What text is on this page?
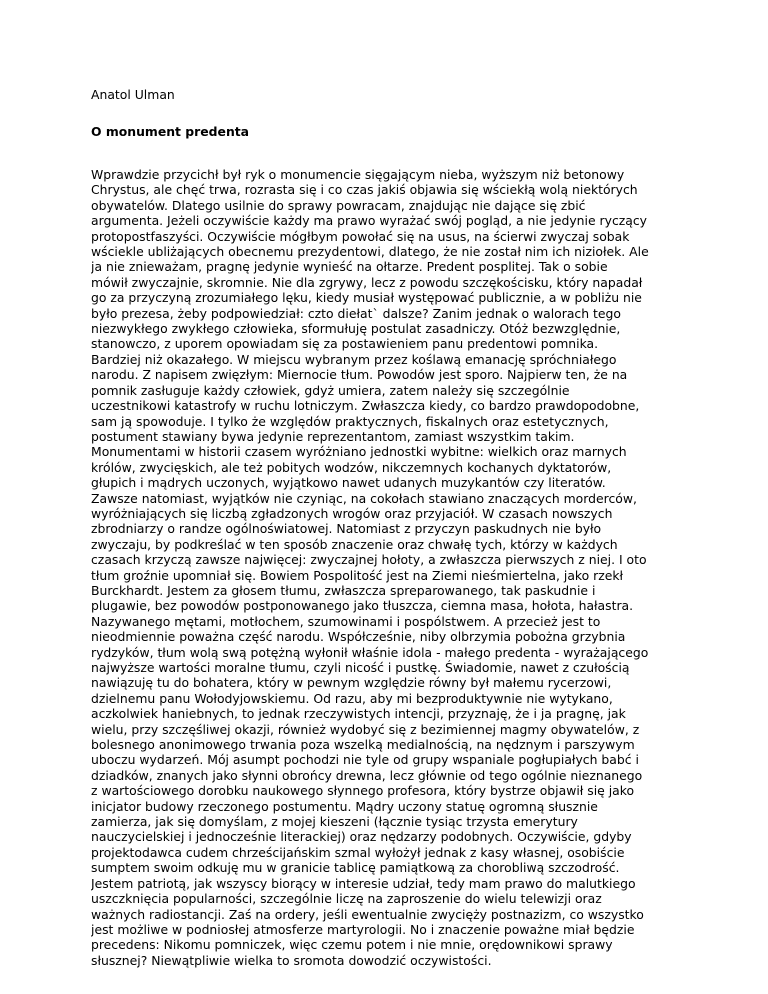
Anatol Ulman
O monument predenta
Wprawdzie przycichł był ryk o monumencie sięgającym nieba, wyższym niż betonowy
Chrystus, ale chęć trwa, rozrasta się i co czas jakiś objawia się wściekłą wolą niektórych
obywatelów. Dlatego usilnie do sprawy powracam, znajdując nie dające się zbić
argumenta. Jeżeli oczywiście każdy ma prawo wyrażać swój pogląd, a nie jedynie ryczący
protopostfaszyści. Oczywiście mógłbym powołać się na usus, na ścierwi zwyczaj sobak
wściekle ubliżających obecnemu prezydentowi, dlatego, że nie został nim ich niziołek. Ale
ja nie znieważam, pragnę jedynie wynieść na ołtarze. Predent posplitej. Tak o sobie
mówił zwyczajnie, skromnie. Nie dla zgrywy, lecz z powodu szczękościsku, który napadał
go za przyczyną zrozumiałego lęku, kiedy musiał występować publicznie, a w pobliżu nie
było prezesa, żeby podpowiedział: czto diełat` dalsze? Zanim jednak o walorach tego
niezwykłego zwykłego człowieka, sformułuję postulat zasadniczy. Otóż bezwzględnie,
stanowczo, z uporem opowiadam się za postawieniem panu predentowi pomnika.
Bardziej niż okazałego. W miejscu wybranym przez koślawą emanację spróchniałego
narodu. Z napisem zwięzłym: Miernocie tłum. Powodów jest sporo. Najpierw ten, że na
pomnik zasługuje każdy człowiek, gdyż umiera, zatem należy się szczególnie
uczestnikowi katastrofy w ruchu lotniczym. Zwłaszcza kiedy, co bardzo prawdopodobne,
sam ją spowoduje. I tylko że względów praktycznych, fiskalnych oraz estetycznych,
postument stawiany bywa jedynie reprezentantom, zamiast wszystkim takim.
Monumentami w historii czasem wyróżniano jednostki wybitne: wielkich oraz marnych
królów, zwycięskich, ale też pobitych wodzów, nikczemnych kochanych dyktatorów,
głupich i mądrych uczonych, wyjątkowo nawet udanych muzykantów czy literatów.
Zawsze natomiast, wyjątków nie czyniąc, na cokołach stawiano znaczących morderców,
wyróżniających się liczbą zgładzonych wrogów oraz przyjaciół. W czasach nowszych
zbrodniarzy o randze ogólnoświatowej. Natomiast z przyczyn paskudnych nie było
zwyczaju, by podkreślać w ten sposób znaczenie oraz chwałę tych, którzy w każdych
czasach krzyczą zawsze najwięcej: zwyczajnej hołoty, a zwłaszcza pierwszych z niej. I oto
tłum groźnie upomniał się. Bowiem Pospolitość jest na Ziemi nieśmiertelna, jako rzekł
Burckhardt. Jestem za głosem tłumu, zwłaszcza spreparowanego, tak paskudnie i
plugawie, bez powodów postponowanego jako tłuszcza, ciemna masa, hołota, hałastra.
Nazywanego mętami, motłochem, szumowinami i pospólstwem. A przecież jest to
nieodmiennie poważna część narodu. Współcześnie, niby olbrzymia pobożna grzybnia
rydzyków, tłum wolą swą potężną wyłonił właśnie idola - małego predenta - wyrażającego
najwyższe wartości moralne tłumu, czyli nicość i pustkę. Świadomie, nawet z czułością
nawiązuję tu do bohatera, który w pewnym względzie równy był małemu rycerzowi,
dzielnemu panu Wołodyjowskiemu. Od razu, aby mi bezproduktywnie nie wytykano,
aczkolwiek haniebnych, to jednak rzeczywistych intencji, przyznaję, że i ja pragnę, jak
wielu, przy szczęśliwej okazji, również wydobyć się z bezimiennej magmy obywatelów, z
bolesnego anonimowego trwania poza wszelką medialnością, na nędznym i parszywym
uboczu wydarzeń. Mój asumpt pochodzi nie tyle od grupy wspaniale pogłupiałych babć i
dziadków, znanych jako słynni obrońcy drewna, lecz głównie od tego ogólnie nieznanego
z wartościowego dorobku naukowego słynnego profesora, który bystrze objawił się jako
inicjator budowy rzeczonego postumentu. Mądry uczony statuę ogromną słusznie
zamierza, jak się domyślam, z mojej kieszeni (łącznie tysiąc trzysta emerytury
nauczycielskiej i jednocześnie literackiej) oraz nędzarzy podobnych. Oczywiście, gdyby
projektodawca cudem chrześcijańskim szmal wyłożył jednak z kasy własnej, osobiście
sumptem swoim odkuję mu w granicie tablicę pamiątkową za chorobliwą szczodrość.
Jestem patriotą, jak wszyscy biorący w interesie udział, tedy mam prawo do malutkiego
uszczknięcia popularności, szczególnie liczę na zaproszenie do wielu telewizji oraz
ważnych radiostancji. Zaś na ordery, jeśli ewentualnie zwycięży postnazizm, co wszystko
jest możliwe w podniosłej atmosferze martyrologii. No i znaczenie poważne miał będzie
precedens: Nikomu pomniczek, więc czemu potem i nie mnie, orędownikowi sprawy
słusznej? Niewątpliwie wielka to sromota dowodzić oczywistości.
